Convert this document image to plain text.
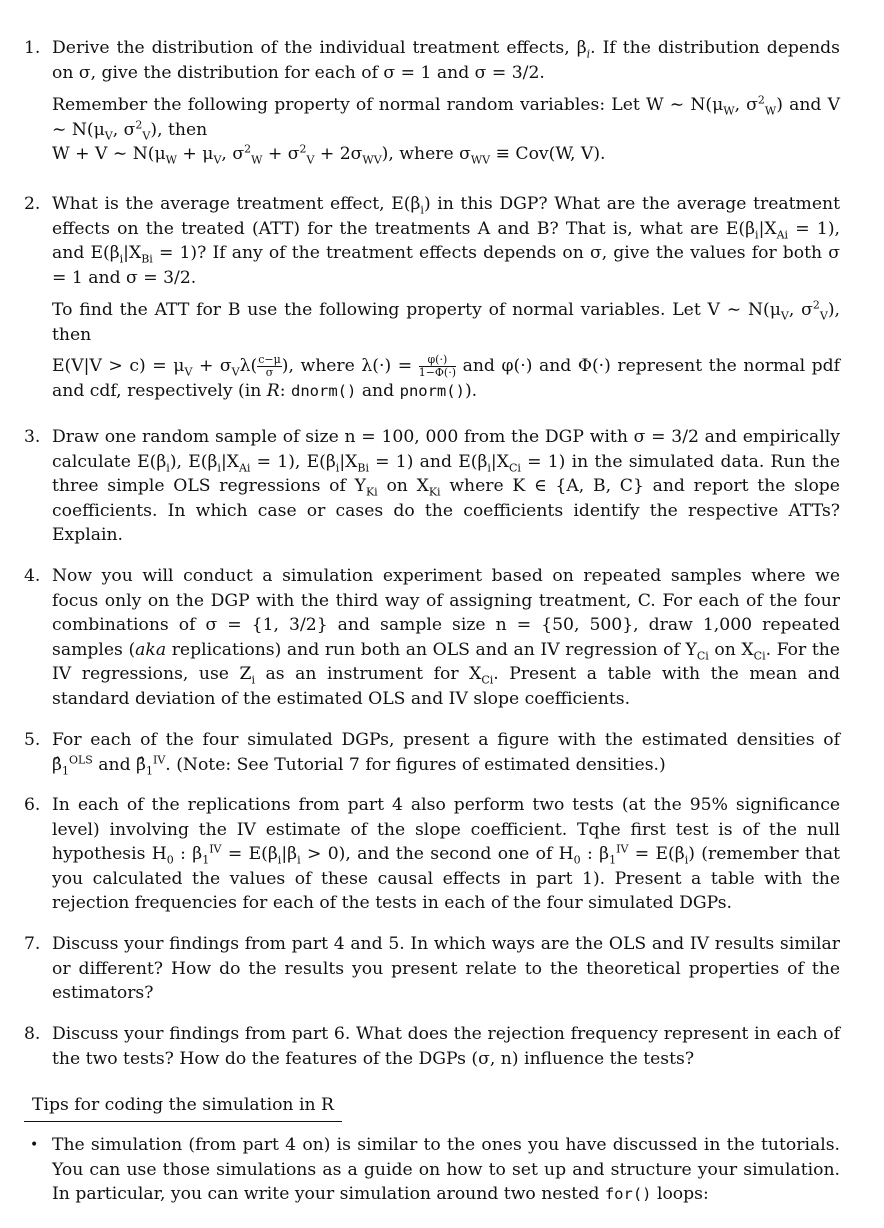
1. Derive the distribution of the individual treatment effects, $\beta_i$. If the distribution depends on σ, give the distribution for each of σ = 1 and σ = 3/2.

Remember the following property of normal random variables: Let W ∼ $N(\mu_W$, $\sigma^2_W$) and V ∼ $N(\mu_V$, $\sigma^2_V$), then

W + V ∼ $N(\mu_W + \mu_V$, $\sigma^2_W + \sigma^2_V + 2\sigma_{WV}$), where $\sigma_{WV} \equiv Cov(W$, V).

2. What is the average treatment effect, $E(\beta_i)$ in this DGP? What are the average treatment effects on the treated (ATT) for the treatments A and B? That is, what are $E(\beta_i|X_{Ai} = 1)$, and $E(\beta_i|X_{Bi} = 1)$? If any of the treatment effects depends on σ, give the values for both σ = 1 and σ = 3/2.

To find the ATT for B use the following property of normal variables. Let V ∼ $N(\mu_V$, $\sigma^2_V$), then

$E(V|V > c) = \mu_V + \sigma_V\lambda( \frac{c-\mu}{\sigma}$ ), where $\lambda(\cdot) = \frac{\varphi(\cdot)}{1-\Phi(\cdot)}$ and φ(·) and Φ(·) represent the normal pdf and cdf, respectively (in R: dnorm() and pnorm()).

3. Draw one random sample of size n = 100, 000 from the DGP with σ = 3/2 and empirically calculate $E(\beta_i)$, $E(\beta_i|X_{Ai} = 1)$, $E(\beta_i|X_{Bi} = 1)$ and $E(\beta_i|X_{Ci} = 1)$ in the simulated data. Run the three simple OLS regressions of $Y_{Ki}$ on $X_{Ki}$ where K ∈ {A, B, C} and report the slope coefficients. In which case or cases do the coefficients identify the respective ATTs? Explain.

4. Now you will conduct a simulation experiment based on repeated samples where we focus only on the DGP with the third way of assigning treatment, C. For each of the four combinations of σ = {1, 3/2} and sample size n = {50, 500}, draw 1,000 repeated samples (aka replications) and run both an OLS and an IV regression of $Y_{Ci}$ on $X_{Ci}$. For the IV regressions, use $Z_i$ as an instrument for $X_{Ci}$. Present a table with the mean and standard deviation of the estimated OLS and IV slope coefficients.

5. For each of the four simulated DGPs, present a figure with the estimated densities of $\betâ_1^{OLS}$ and $\betâ_1^{IV}$. (Note: See Tutorial 7 for figures of estimated densities.)

6. In each of the replications from part 4 also perform two tests (at the 95% significance level) involving the IV estimate of the slope coefficient. Tqhe first test is of the null hypothesis $H_0$ : $\beta_1^{IV} = E(\beta_i|\beta_i > 0)$, and the second one of $H_0$ : $\beta_1^{IV} = E(\beta_i)$ (remember that you calculated the values of these causal effects in part 1). Present a table with the rejection frequencies for each of the tests in each of the four simulated DGPs.

7. Discuss your findings from part 4 and 5. In which ways are the OLS and IV results similar or different? How do the results you present relate to the theoretical properties of the estimators?

8. Discuss your findings from part 6. What does the rejection frequency represent in each of the two tests? How do the features of the DGPs (σ, n) influence the tests?

Tips for coding the simulation in R
• The simulation (from part 4 on) is similar to the ones you have discussed in the tutorials. You can use those simulations as a guide on how to set up and structure your simulation. In particular, you can write your simulation around two nested for() loops:
